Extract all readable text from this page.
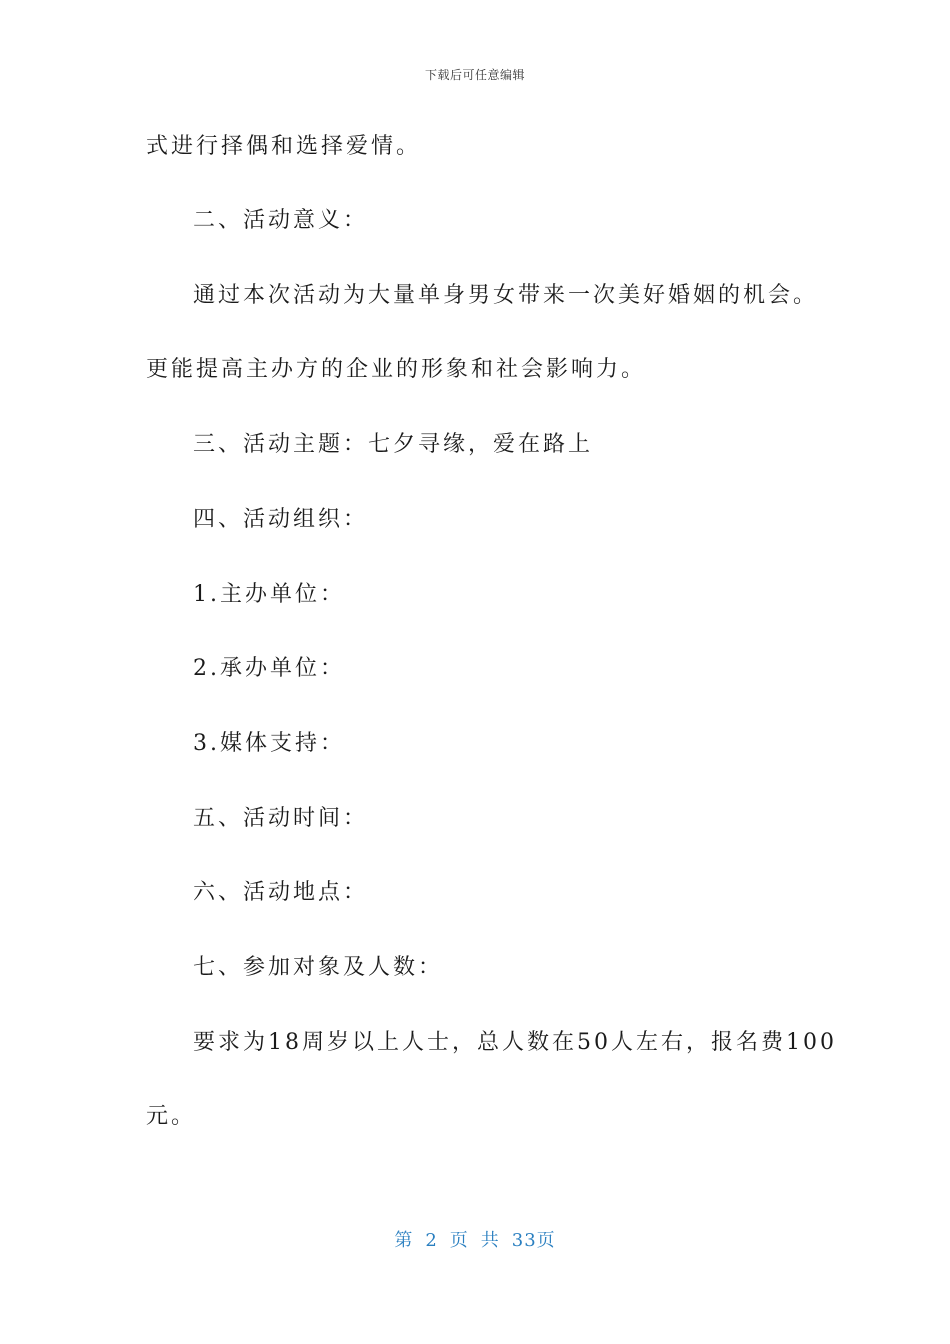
下载后可任意编辑
式进行择偶和选择爱情。
二、活动意义：
通过本次活动为大量单身男女带来一次美好婚姻的机会。
更能提高主办方的企业的形象和社会影响力。
三、活动主题：七夕寻缘，爱在路上
四、活动组织：
1.主办单位：
2.承办单位：
3.媒体支持：
五、活动时间：
六、活动地点：
七、参加对象及人数：
要求为18周岁以上人士，总人数在50人左右，报名费100
元。
第 2 页 共 33页
